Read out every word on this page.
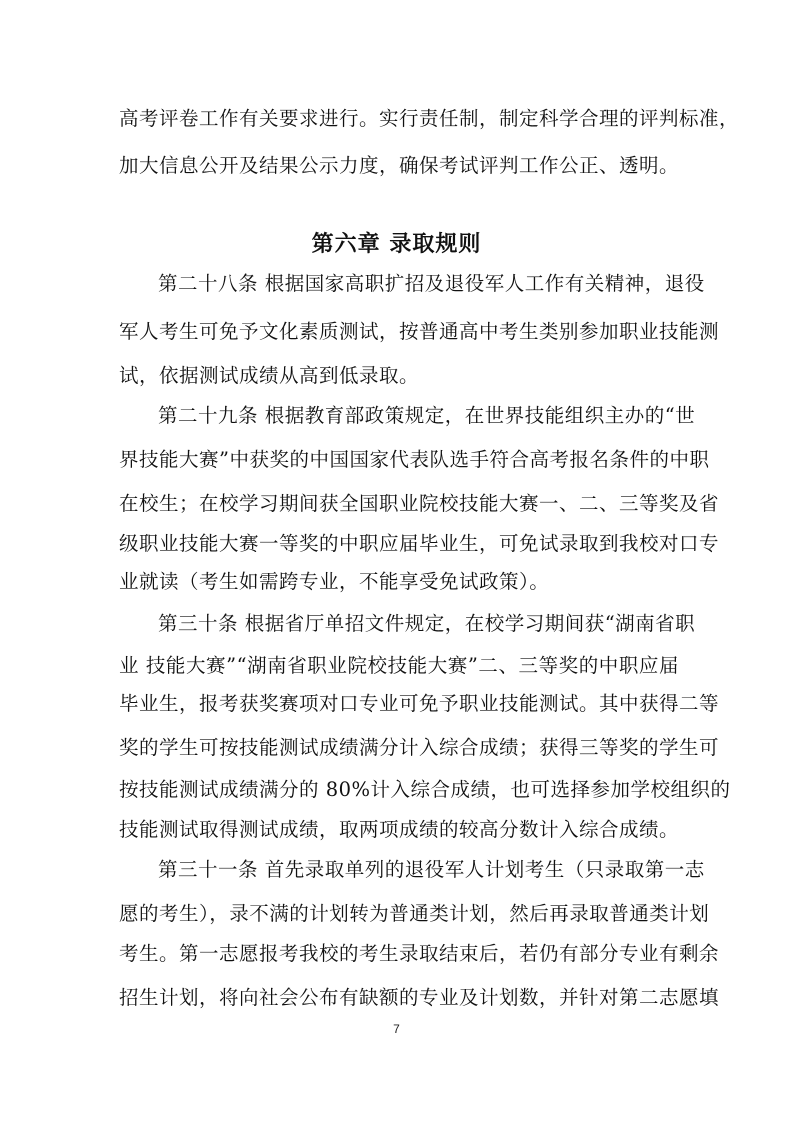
高考评卷工作有关要求进行。实行责任制，制定科学合理的评判标准，
加大信息公开及结果公示力度，确保考试评判工作公正、透明。
第六章 录取规则
第二十八条 根据国家高职扩招及退役军人工作有关精神，退役
军人考生可免予文化素质测试，按普通高中考生类别参加职业技能测
试，依据测试成绩从高到低录取。
第二十九条 根据教育部政策规定，在世界技能组织主办的“世
界技能大赛”中获奖的中国国家代表队选手符合高考报名条件的中职
在校生；在校学习期间获全国职业院校技能大赛一、二、三等奖及省
级职业技能大赛一等奖的中职应届毕业生，可免试录取到我校对口专
业就读（考生如需跨专业，不能享受免试政策）。
第三十条 根据省厅单招文件规定，在校学习期间获“湖南省职
业 技能大赛”“湖南省职业院校技能大赛”二、三等奖的中职应届
毕业生，报考获奖赛项对口专业可免予职业技能测试。其中获得二等
奖的学生可按技能测试成绩满分计入综合成绩；获得三等奖的学生可
按技能测试成绩满分的 80%计入综合成绩，也可选择参加学校组织的
技能测试取得测试成绩，取两项成绩的较高分数计入综合成绩。
第三十一条 首先录取单列的退役军人计划考生（只录取第一志
愿的考生），录不满的计划转为普通类计划，然后再录取普通类计划
考生。第一志愿报考我校的考生录取结束后，若仍有部分专业有剩余
招生计划，将向社会公布有缺额的专业及计划数，并针对第二志愿填
7
